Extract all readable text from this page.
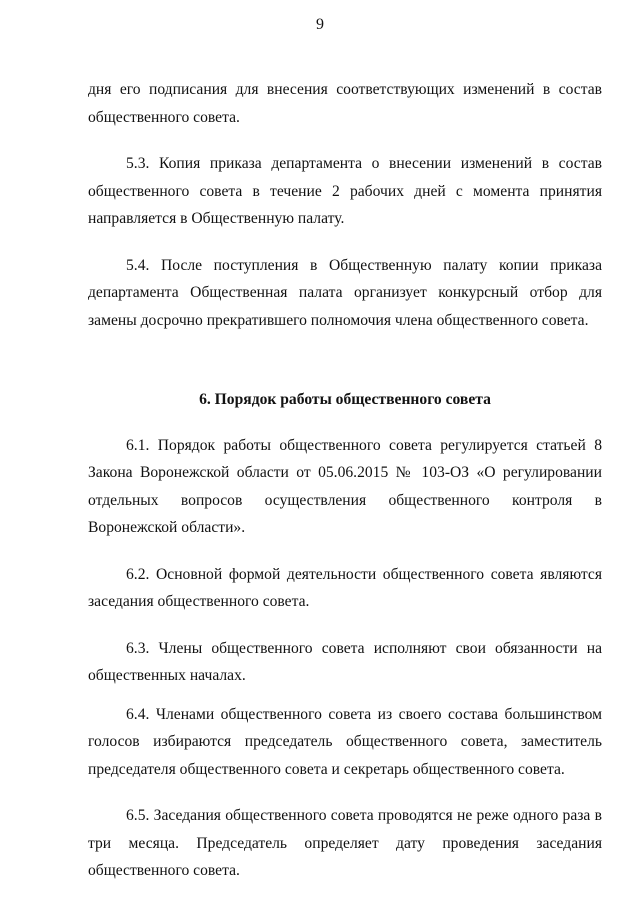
9

дня его подписания для внесения соответствующих изменений в состав общественного совета.

5.3. Копия приказа департамента о внесении изменений в состав общественного совета в течение 2 рабочих дней с момента принятия направляется в Общественную палату.

5.4. После поступления в Общественную палату копии приказа департамента Общественная палата организует конкурсный отбор для замены досрочно прекратившего полномочия члена общественного совета.

6. Порядок работы общественного совета

6.1. Порядок работы общественного совета регулируется статьей 8 Закона Воронежской области от 05.06.2015 № 103-ОЗ «О регулировании отдельных вопросов осуществления общественного контроля в Воронежской области».

6.2. Основной формой деятельности общественного совета являются заседания общественного совета.

6.3. Члены общественного совета исполняют свои обязанности на общественных началах.

6.4. Членами общественного совета из своего состава большинством голосов избираются председатель общественного совета, заместитель председателя общественного совета и секретарь общественного совета.

6.5. Заседания общественного совета проводятся не реже одного раза в три месяца. Председатель определяет дату проведения заседания общественного совета.
